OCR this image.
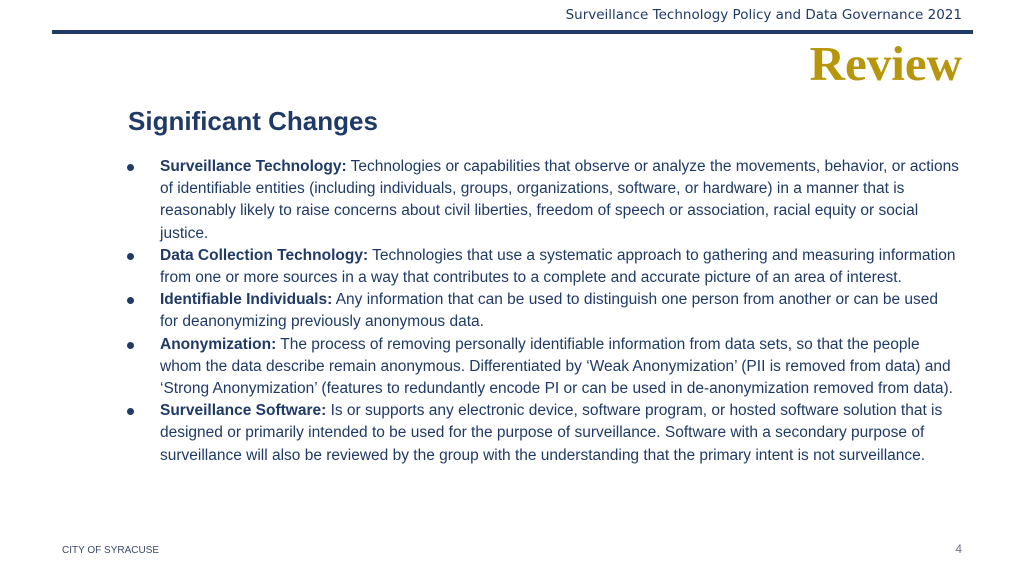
Surveillance Technology Policy and Data Governance 2021
Review
Significant Changes
Surveillance Technology: Technologies or capabilities that observe or analyze the movements, behavior, or actions of identifiable entities (including individuals, groups, organizations, software, or hardware) in a manner that is reasonably likely to raise concerns about civil liberties, freedom of speech or association, racial equity or social justice.
Data Collection Technology: Technologies that use a systematic approach to gathering and measuring information from one or more sources in a way that contributes to a complete and accurate picture of an area of interest.
Identifiable Individuals: Any information that can be used to distinguish one person from another or can be used for deanonymizing previously anonymous data.
Anonymization: The process of removing personally identifiable information from data sets, so that the people whom the data describe remain anonymous. Differentiated by ‘Weak Anonymization’ (PII is removed from data) and ‘Strong Anonymization’ (features to redundantly encode PI or can be used in de-anonymization removed from data).
Surveillance Software: Is or supports any electronic device, software program, or hosted software solution that is designed or primarily intended to be used for the purpose of surveillance. Software with a secondary purpose of surveillance will also be reviewed by the group with the understanding that the primary intent is not surveillance.
CITY OF SYRACUSE	4
